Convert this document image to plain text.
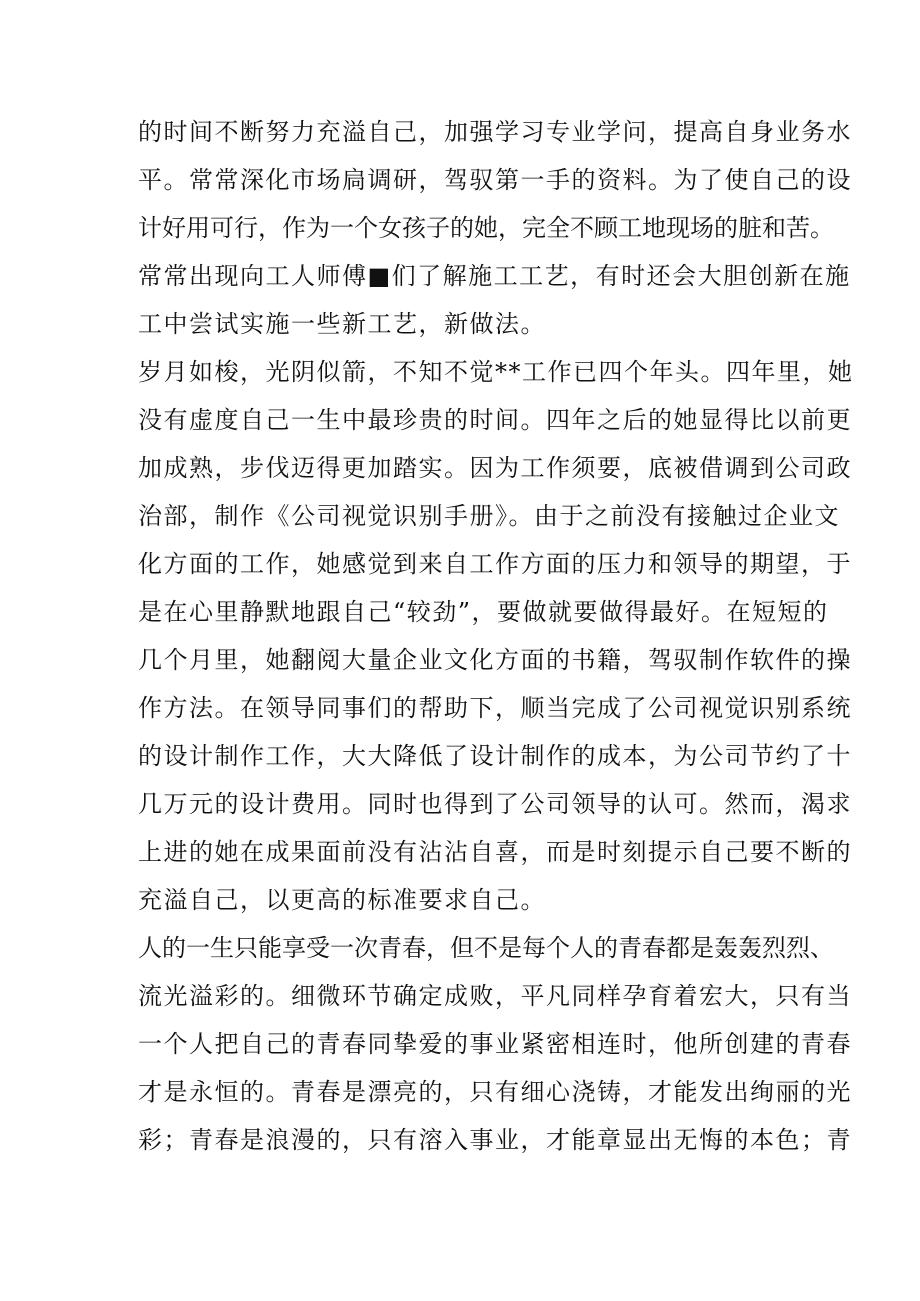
的时间不断努力充溢自己，加强学习专业学问，提高自身业务水
平。常常深化市场扃调研，驾驭第一手的资料。为了使自己的设
计好用可行，作为一个女孩子的她，完全不顾工地现场的脏和苦。
常常出现向工人师傅■们了解施工工艺，有时还会大胆创新在施
工中尝试实施一些新工艺，新做法。
岁月如梭，光阴似箭，不知不觉**工作已四个年头。四年里，她
没有虚度自己一生中最珍贵的时间。四年之后的她显得比以前更
加成熟，步伐迈得更加踏实。因为工作须要，底被借调到公司政
治部，制作《公司视觉识别手册》。由于之前没有接触过企业文
化方面的工作，她感觉到来自工作方面的压力和领导的期望，于
是在心里静默地跟自己“较劲”，要做就要做得最好。在短短的
几个月里，她翻阅大量企业文化方面的书籍，驾驭制作软件的操
作方法。在领导同事们的帮助下，顺当完成了公司视觉识别系统
的设计制作工作，大大降低了设计制作的成本，为公司节约了十
几万元的设计费用。同时也得到了公司领导的认可。然而，渴求
上进的她在成果面前没有沾沾自喜，而是时刻提示自己要不断的
充溢自己，以更高的标准要求自己。
人的一生只能享受一次青春，但不是每个人的青春都是轰轰烈烈、
流光溢彩的。细微环节确定成败，平凡同样孕育着宏大，只有当
一个人把自己的青春同挚爱的事业紧密相连时，他所创建的青春
才是永恒的。青春是漂亮的，只有细心浇铸，才能发出绚丽的光
彩；青春是浪漫的，只有溶入事业，才能章显出无悔的本色；青
